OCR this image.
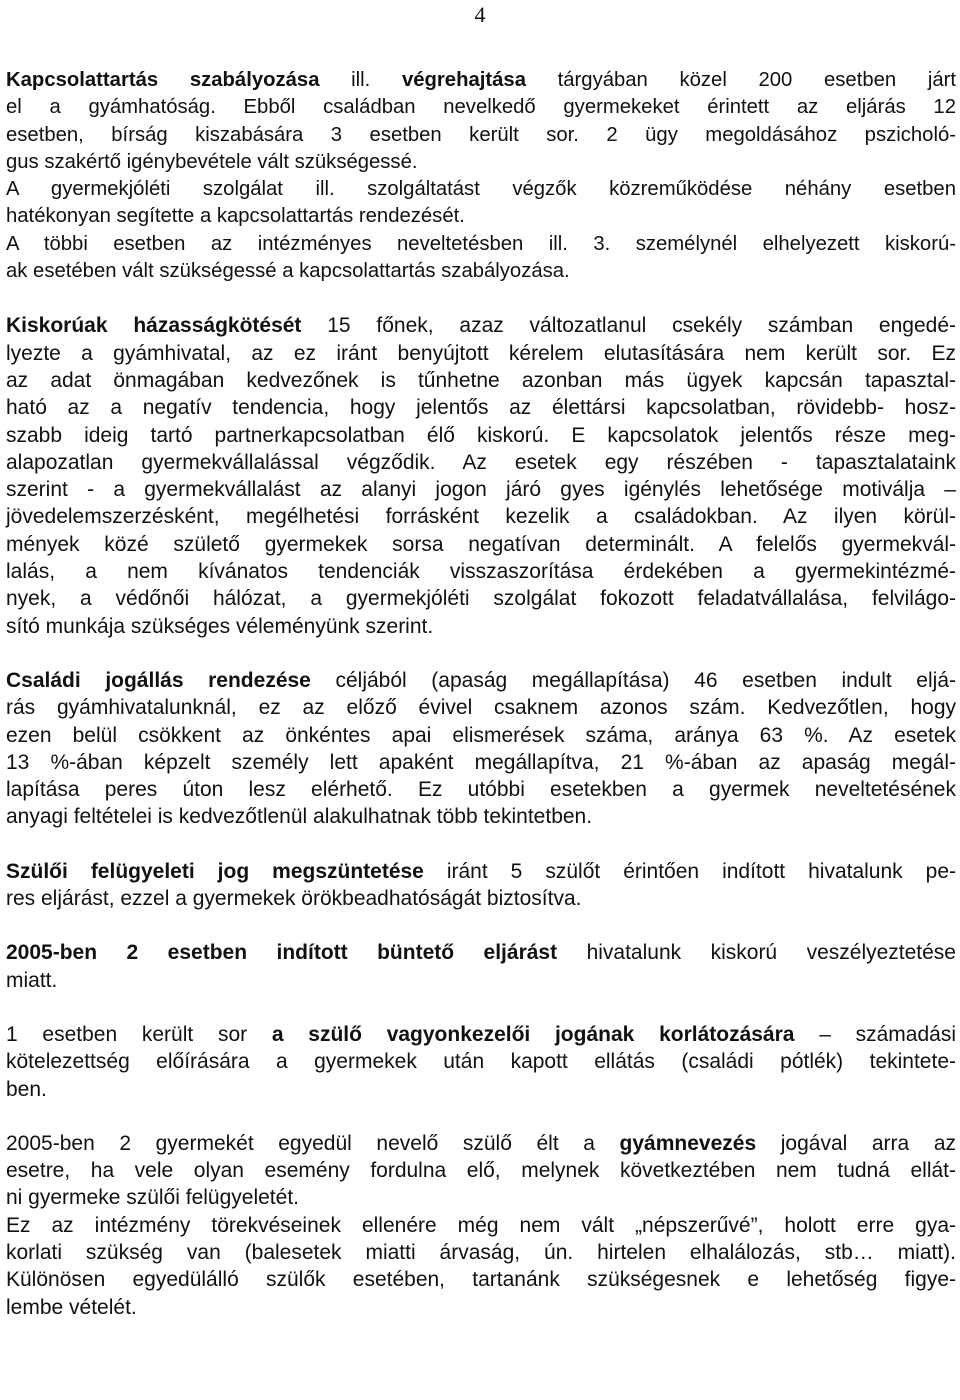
4
Kapcsolattartás szabályozása ill. végrehajtása tárgyában közel 200 esetben járt
el a gyámhatóság. Ebből családban nevelkedő gyermekeket érintett az eljárás 12
esetben, bírság kiszabására 3 esetben került sor. 2 ügy megoldásához pszicholó-
gus szakértő igénybevétele vált szükségessé.
A gyermekjóléti szolgálat ill. szolgáltatást végzők közreműködése néhány esetben
hatékonyan segítette a kapcsolattartás rendezését.
A többi esetben az intézményes neveltetésben ill. 3. személynél elhelyezett kiskorú-
ak esetében vált szükségessé a kapcsolattartás szabályozása.
Kiskorúak házasságkötését 15 főnek, azaz változatlanul csekély számban engedé-
lyezte a gyámhivatal, az ez iránt benyújtott kérelem elutasítására nem került sor. Ez
az adat önmagában kedvezőnek is tűnhetne azonban más ügyek kapcsán tapasztal-
ható az a negatív tendencia, hogy jelentős az élettársi kapcsolatban, rövidebb- hosz-
szabb ideig tartó partnerkapcsolatban élő kiskorú. E kapcsolatok jelentős része meg-
alapozatlan gyermekvállalással végződik. Az esetek egy részében - tapasztalataink
szerint - a gyermekvállalást az alanyi jogon járó gyes igénylés lehetősége motiválja –
jövedelemszerzésként, megélhetési forrásként kezelik a családokban. Az ilyen körül-
mények közé születő gyermekek sorsa negatívan determinált. A felelős gyermekvál-
lalás, a nem kívánatos tendenciák visszaszorítása érdekében a gyermekintézmé-
nyek, a védőnői hálózat, a gyermekjóléti szolgálat fokozott feladatvállalása, felvilágo-
sító munkája szükséges véleményünk szerint.
Családi jogállás rendezése céljából (apaság megállapítása) 46 esetben indult eljá-
rás gyámhivatalunknál, ez az előző évivel csaknem azonos szám. Kedvezőtlen, hogy
ezen belül csökkent az önkéntes apai elismerések száma, aránya 63 %. Az esetek
13 %-ában képzelt személy lett apaként megállapítva, 21 %-ában az apaság megál-
lapítása peres úton lesz elérhető. Ez utóbbi esetekben a gyermek neveltetésének
anyagi feltételei is kedvezőtlenül alakulhatnak több tekintetben.
Szülői felügyeleti jog megszüntetése iránt 5 szülőt érintően indított hivatalunk pe-
res eljárást, ezzel a gyermekek örökbeadhatóságát biztosítva.
2005-ben 2 esetben indított büntető eljárást hivatalunk kiskorú veszélyeztetése
miatt.
1 esetben került sor a szülő vagyonkezelői jogának korlátozására – számadási
kötelezettség előírására a gyermekek után kapott ellátás (családi pótlék) tekintete-
ben.
2005-ben 2 gyermekét egyedül nevelő szülő élt a gyámnevezés jogával arra az
esetre, ha vele olyan esemény fordulna elő, melynek következtében nem tudná ellát-
ni gyermeke szülői felügyeletét.
Ez az intézmény törekvéseinek ellenére még nem vált „népszerűvé”, holott erre gya-
korlati szükség van (balesetek miatti árvaság, ún. hirtelen elhalálozás, stb… miatt).
Különösen egyedülálló szülők esetében, tartanánk szükségesnek e lehetőség figye-
lembe vételét.
